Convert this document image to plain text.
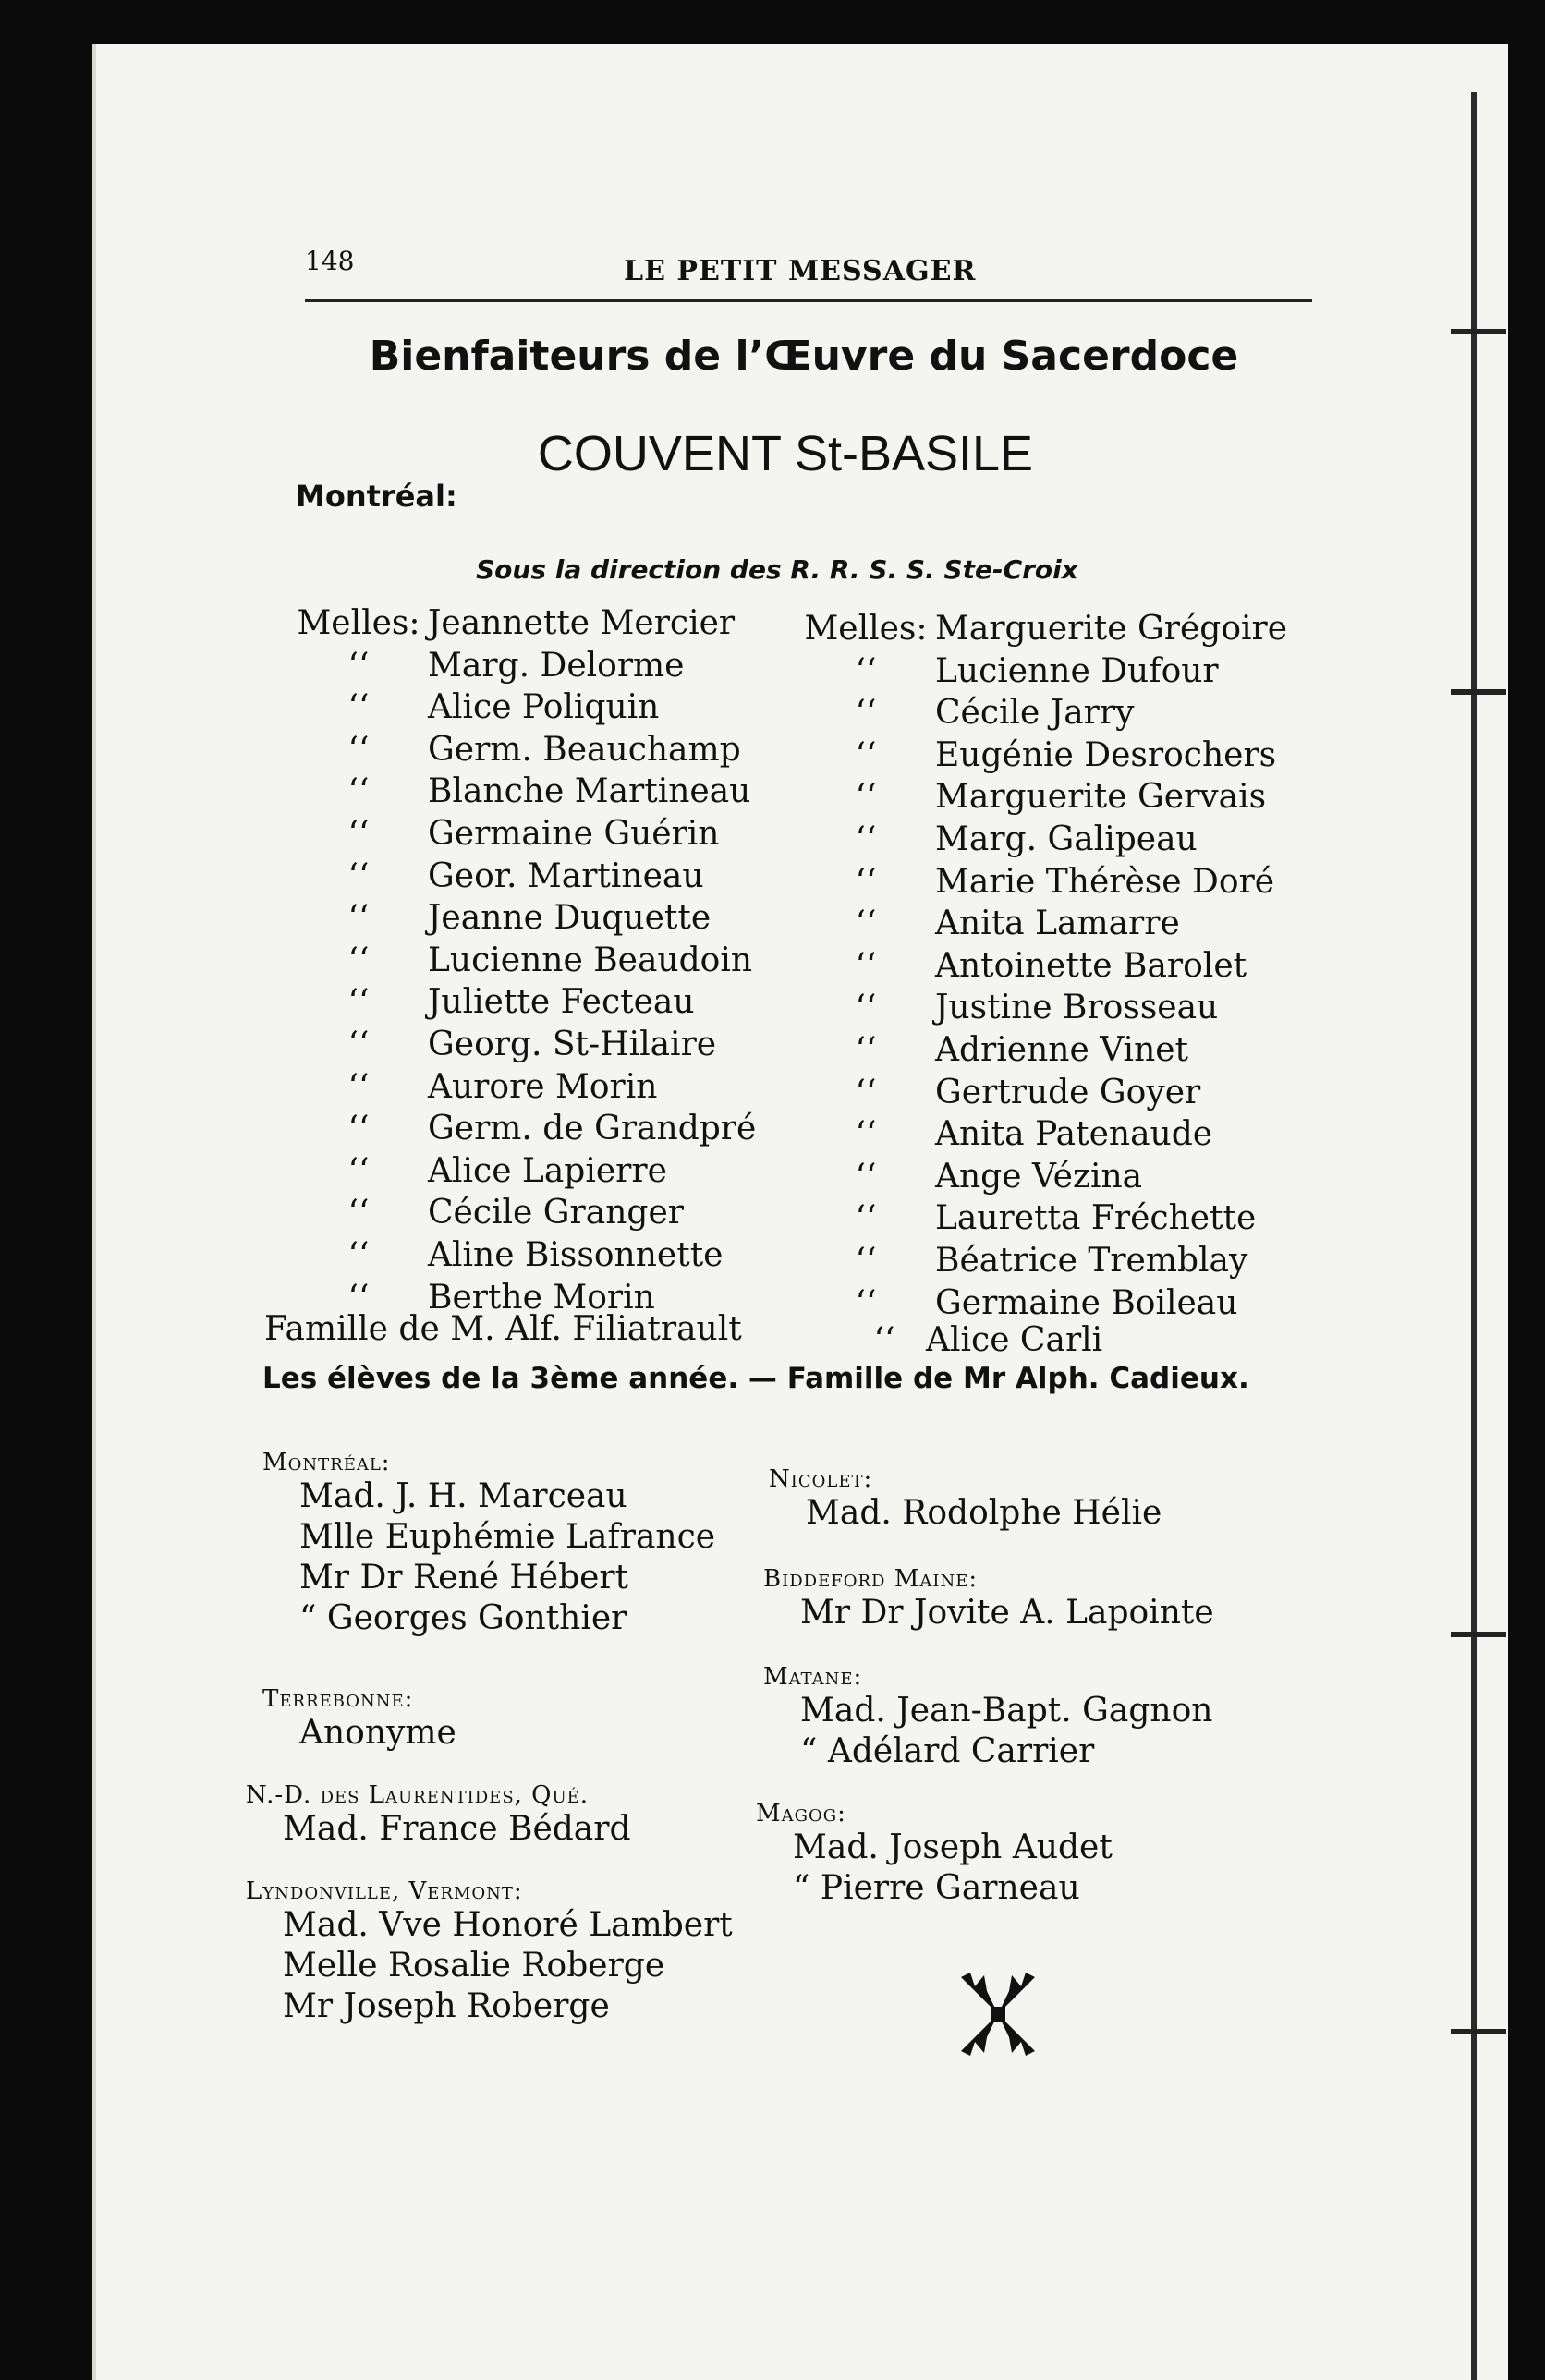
148	LE PETIT MESSAGER
Bienfaiteurs de l’Œuvre du Sacerdoce
COUVENT St-BASILE
Montréal:
Sous la direction des R. R. S. S. Ste-Croix
Melles: Jeannette Mercier
‘‘ Marg. Delorme
‘‘ Alice Poliquin
‘‘ Germ. Beauchamp
‘‘ Blanche Martineau
‘‘ Germaine Guérin
‘‘ Geor. Martineau
‘‘ Jeanne Duquette
‘‘ Lucienne Beaudoin
‘‘ Juliette Fecteau
‘‘ Georg. St-Hilaire
‘‘ Aurore Morin
‘‘ Germ. de Grandpré
‘‘ Alice Lapierre
‘‘ Cécile Granger
‘‘ Aline Bissonnette
‘‘ Berthe Morin
Melles: Marguerite Grégoire
‘‘ Lucienne Dufour
‘‘ Cécile Jarry
‘‘ Eugénie Desrochers
‘‘ Marguerite Gervais
‘‘ Marg. Galipeau
‘‘ Marie Thérèse Doré
‘‘ Anita Lamarre
‘‘ Antoinette Barolet
‘‘ Justine Brosseau
‘‘ Adrienne Vinet
‘‘ Gertrude Goyer
‘‘ Anita Patenaude
‘‘ Ange Vézina
‘‘ Lauretta Fréchette
‘‘ Béatrice Tremblay
‘‘ Germaine Boileau
Famille de M. Alf. Filiatrault	‘‘ Alice Carli
Les élèves de la 3ème année. — Famille de Mr Alph. Cadieux.
Montréal:
Mad. J. H. Marceau
Mlle Euphémie Lafrance
Mr Dr René Hébert
“ Georges Gonthier
Terrebonne:
Anonyme
N.-D. des Laurentides, Qué.
Mad. France Bédard
Lyndonville, Vermont:
Mad. Vve Honoré Lambert
Melle Rosalie Roberge
Mr Joseph Roberge
Nicolet:
Mad. Rodolphe Hélie
Biddeford Maine:
Mr Dr Jovite A. Lapointe
Matane:
Mad. Jean-Bapt. Gagnon
“ Adélard Carrier
Magog:
Mad. Joseph Audet
“ Pierre Garneau
